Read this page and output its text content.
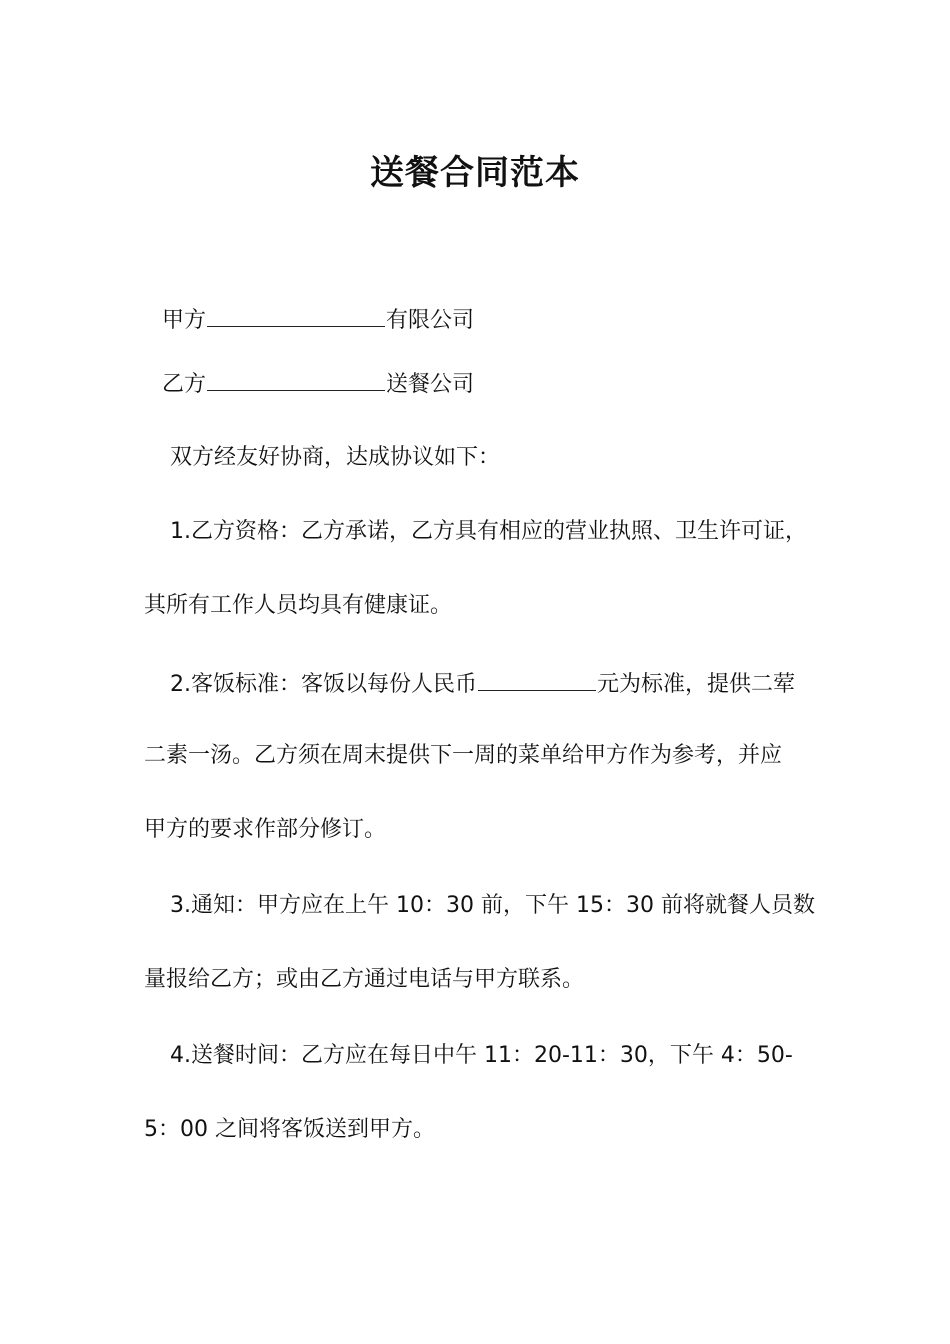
送餐合同范本
甲方	有限公司
乙方	送餐公司
双方经友好协商，达成协议如下：
1.乙方资格：乙方承诺，乙方具有相应的营业执照、卫生许可证，
其所有工作人员均具有健康证。
2.客饭标准：客饭以每份人民币	元为标准，提供二荤
二素一汤。乙方须在周末提供下一周的菜单给甲方作为参考，并应
甲方的要求作部分修订。
3.通知：甲方应在上午 10：30 前，下午 15：30 前将就餐人员数
量报给乙方；或由乙方通过电话与甲方联系。
4.送餐时间：乙方应在每日中午 11：20-11：30，下午 4：50-
5：00 之间将客饭送到甲方。
